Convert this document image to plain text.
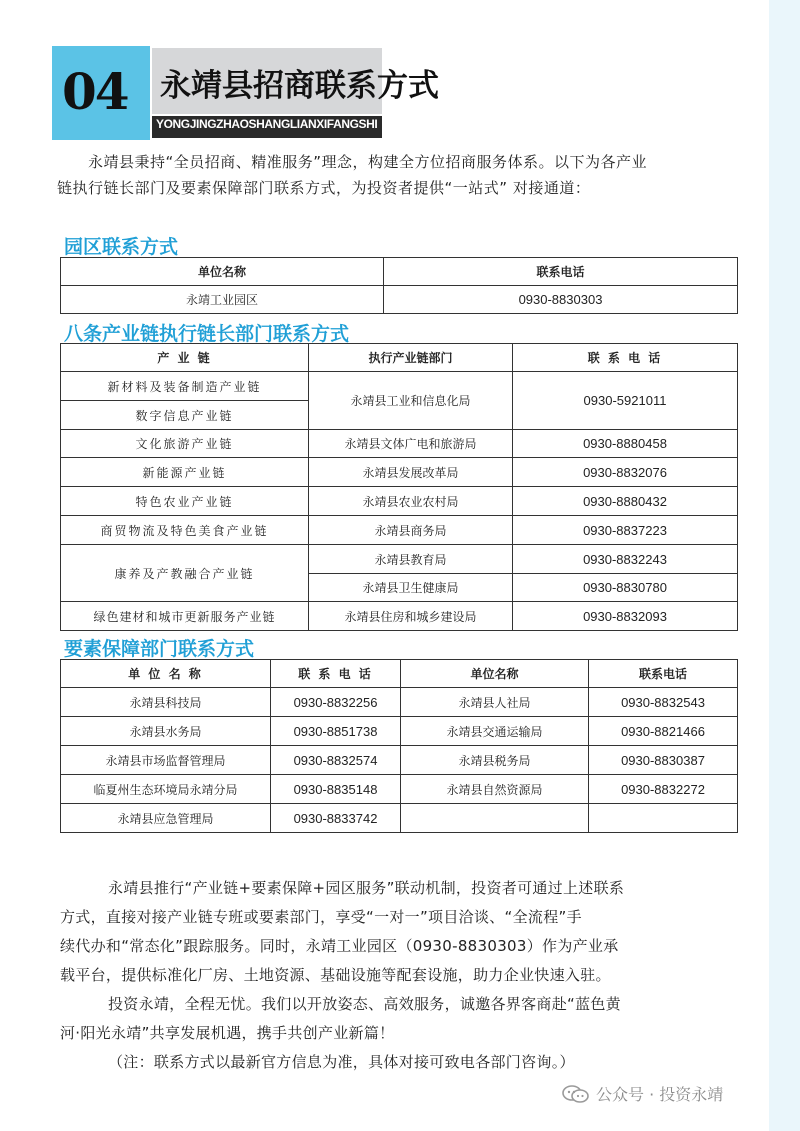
04 永靖县招商联系方式
YONGJINGZHAOSHANGLIANXIFANGSHI
永靖县秉持“全员招商、精准服务”理念，构建全方位招商服务体系。以下为各产业
链执行链长部门及要素保障部门联系方式，为投资者提供“一站式” 对接通道：
园区联系方式
单位名称	联系电话
永靖工业园区	0930-8830303
八条产业链执行链长部门联系方式
产 业 链	执行产业链部门	联 系 电 话
新材料及装备制造产业链	永靖县工业和信息化局	0930-5921011
数字信息产业链		
文化旅游产业链	永靖县文体广电和旅游局	0930-8880458
新能源产业链	永靖县发展改革局	0930-8832076
特色农业产业链	永靖县农业农村局	0930-8880432
商贸物流及特色美食产业链	永靖县商务局	0930-8837223
康养及产教融合产业链	永靖县教育局	0930-8832243
	永靖县卫生健康局	0930-8830780
绿色建材和城市更新服务产业链	永靖县住房和城乡建设局	0930-8832093
要素保障部门联系方式
单 位 名 称	联 系 电 话	单位名称	联系电话
永靖县科技局	0930-8832256	永靖县人社局	0930-8832543
永靖县水务局	0930-8851738	永靖县交通运输局	0930-8821466
永靖县市场监督管理局	0930-8832574	永靖县税务局	0930-8830387
临夏州生态环境局永靖分局	0930-8835148	永靖县自然资源局	0930-8832272
永靖县应急管理局	0930-8833742		
永靖县推行“产业链+要素保障+园区服务”联动机制，投资者可通过上述联系
方式，直接对接产业链专班或要素部门，享受“一对一”项目洽谈、“全流程”手
续代办和“常态化”跟踪服务。同时，永靖工业园区（0930-8830303）作为产业承
载平台，提供标准化厂房、土地资源、基础设施等配套设施，助力企业快速入驻。
投资永靖，全程无忧。我们以开放姿态、高效服务，诚邀各界客商赴“蓝色黄
河·阳光永靖”共享发展机遇，携手共创产业新篇！
（注：联系方式以最新官方信息为准，具体对接可致电各部门咨询。）
公众号 · 投资永靖
